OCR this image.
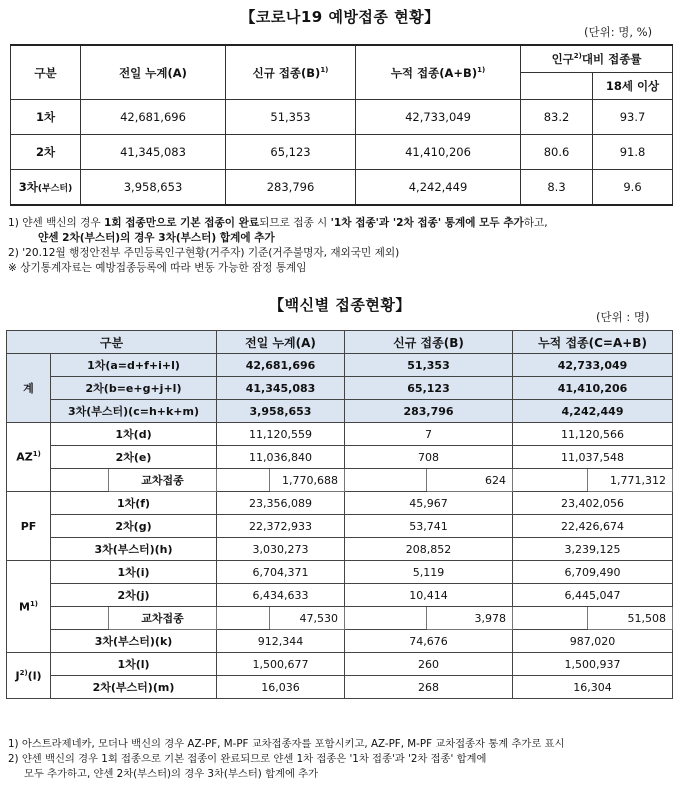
【코로나19 예방접종 현황】
(단위: 명, %)
구분	전일 누계(A)	신규 접종$(B)^{1)}$	누적 접종$(A+B)^{1)}$	인구$^{2)}$대비 접종률	
					18세 이상
1차	42,681,696	51,353	42,733,049	83.2	93.7
2차	41,345,083	65,123	41,410,206	80.6	91.8
3차(부스터)	3,958,653	283,796	4,242,449	8.3	9.6
1) 얀센 백신의 경우 1회 접종만으로 기본 접종이 완료되므로 접종 시 '1차 접종'과 '2차 접종' 통계에 모두 추가하고,
얀센 2차(부스터)의 경우 3차(부스터) 합계에 추가
2) '20.12월 행정안전부 주민등록인구현황(거주자) 기준(거주불명자, 재외국민 제외)
※ 상기통계자료는 예방접종등록에 따라 변동 가능한 잠정 통계임
【백신별 접종현황】
(단위 : 명)
구분			전일 누계(A)		신규 접종(B)		누적 접종(C=A+B)	
계	1차(a=d+f+i+l)		42,681,696		51,353		42,733,049	
	2차(b=e+g+j+l)		41,345,083		65,123		41,410,206	
	3차(부스터)(c=h+k+m)		3,958,653		283,796		4,242,449	
AZ$^{1)}$	1차(d)		11,120,559		7		11,120,566	
	2차(e)		11,036,840		708		11,037,548	
		교차접종		1,770,688		624		1,771,312
PF	1차(f)		23,356,089		45,967		23,402,056	
	2차(g)		22,372,933		53,741		22,426,674	
	3차(부스터)(h)		3,030,273		208,852		3,239,125	
$M^{1)}$	1차(i)		6,704,371		5,119		6,709,490	
	2차(j)		6,434,633		10,414		6,445,047	
		교차접종		47,530		3,978		51,508
	3차(부스터)(k)		912,344		74,676		987,020	
$J^{2)}(l)$	1차(l)		1,500,677		260		1,500,937	
	2차(부스터)(m)		16,036		268		16,304	
1) 아스트라제네카, 모더나 백신의 경우 AZ-PF, M-PF 교차접종자를 포함시키고, AZ-PF, M-PF 교차접종자 통계 추가로 표시
2) 얀센 백신의 경우 1회 접종으로 기본 접종이 완료되므로 얀센 1차 접종은 '1차 접종'과 '2차 접종' 합계에
모두 추가하고, 얀센 2차(부스터)의 경우 3차(부스터) 합계에 추가
